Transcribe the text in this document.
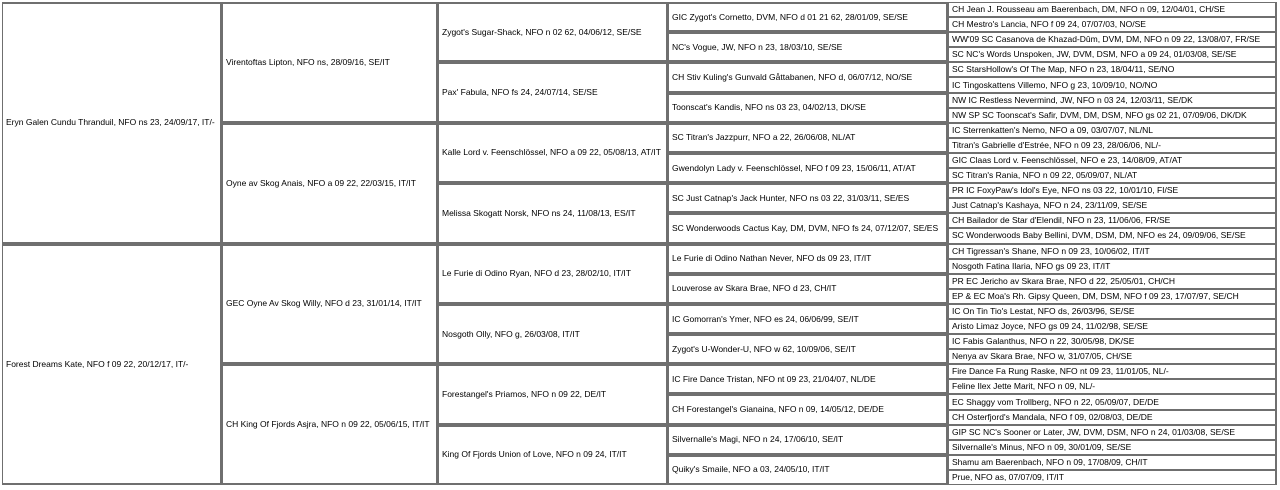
Eryn Galen Cundu Thranduil, NFO ns 23, 24/09/17, IT/-	Virentoftas Lipton, NFO ns, 28/09/16, SE/IT	Zygot's Sugar-Shack, NFO n 02 62, 04/06/12, SE/SE	GIC Zygot's Cornetto, DVM, NFO d 01 21 62, 28/01/09, SE/SE	CH Jean J. Rousseau am Baerenbach, DM, NFO n 09, 12/04/01, CH/SE
				CH Mestro's Lancia, NFO f 09 24, 07/07/03, NO/SE
			NC's Vogue, JW, NFO n 23, 18/03/10, SE/SE	WW'09 SC Casanova de Khazad-Dûm, DVM, DM, NFO n 09 22, 13/08/07, FR/SE
				SC NC's Words Unspoken, JW, DVM, DSM, NFO a 09 24, 01/03/08, SE/SE
		Pax' Fabula, NFO fs 24, 24/07/14, SE/SE	CH Stiv Kuling's Gunvald Gåttabanen, NFO d, 06/07/12, NO/SE	SC StarsHollow's Of The Map, NFO n 23, 18/04/11, SE/NO
				IC Tingoskattens Villemo, NFO g 23, 10/09/10, NO/NO
			Toonscat's Kandis, NFO ns 03 23, 04/02/13, DK/SE	NW IC Restless Nevermind, JW, NFO n 03 24, 12/03/11, SE/DK
				NW SP SC Toonscat's Safir, DVM, DM, DSM, NFO gs 02 21, 07/09/06, DK/DK
	Oyne av Skog Anais, NFO a 09 22, 22/03/15, IT/IT	Kalle Lord v. Feenschlössel, NFO a 09 22, 05/08/13, AT/IT	SC Titran's Jazzpurr, NFO a 22, 26/06/08, NL/AT	IC Sterrenkatten's Nemo, NFO a 09, 03/07/07, NL/NL
				Titran's Gabrielle d'Estrée, NFO n 09 23, 28/06/06, NL/-
			Gwendolyn Lady v. Feenschlössel, NFO f 09 23, 15/06/11, AT/AT	GIC Claas Lord v. Feenschlössel, NFO e 23, 14/08/09, AT/AT
				SC Titran's Rania, NFO n 09 22, 05/09/07, NL/AT
		Melissa Skogatt Norsk, NFO ns 24, 11/08/13, ES/IT	SC Just Catnap's Jack Hunter, NFO ns 03 22, 31/03/11, SE/ES	PR IC FoxyPaw's Idol's Eye, NFO ns 03 22, 10/01/10, FI/SE
				Just Catnap's Kashaya, NFO n 24, 23/11/09, SE/SE
			SC Wonderwoods Cactus Kay, DM, DVM, NFO fs 24, 07/12/07, SE/ES	CH Bailador de Star d'Elendil, NFO n 23, 11/06/06, FR/SE
				SC Wonderwoods Baby Bellini, DVM, DSM, DM, NFO es 24, 09/09/06, SE/SE
Forest Dreams Kate, NFO f 09 22, 20/12/17, IT/-	GEC Oyne Av Skog Willy, NFO d 23, 31/01/14, IT/IT	Le Furie di Odino Ryan, NFO d 23, 28/02/10, IT/IT	Le Furie di Odino Nathan Never, NFO ds 09 23, IT/IT	CH Tigressan's Shane, NFO n 09 23, 10/06/02, IT/IT
				Nosgoth Fatina Ilaria, NFO gs 09 23, IT/IT
			Louverose av Skara Brae, NFO d 23, CH/IT	PR EC Jericho av Skara Brae, NFO d 22, 25/05/01, CH/CH
				EP & EC Moa's Rh. Gipsy Queen, DM, DSM, NFO f 09 23, 17/07/97, SE/CH
		Nosgoth Olly, NFO g, 26/03/08, IT/IT	IC Gomorran's Ymer, NFO es 24, 06/06/99, SE/IT	IC On Tin Tio's Lestat, NFO ds, 26/03/96, SE/SE
				Aristo Limaz Joyce, NFO gs 09 24, 11/02/98, SE/SE
			Zygot's U-Wonder-U, NFO w 62, 10/09/06, SE/IT	IC Fabis Galanthus, NFO n 22, 30/05/98, DK/SE
				Nenya av Skara Brae, NFO w, 31/07/05, CH/SE
	CH King Of Fjords Asjra, NFO n 09 22, 05/06/15, IT/IT	Forestangel's Priamos, NFO n 09 22, DE/IT	IC Fire Dance Tristan, NFO nt 09 23, 21/04/07, NL/DE	Fire Dance Fa Rung Raske, NFO nt 09 23, 11/01/05, NL/-
				Feline Ilex Jette Marit, NFO n 09, NL/-
			CH Forestangel's Gianaina, NFO n 09, 14/05/12, DE/DE	EC Shaggy vom Trollberg, NFO n 22, 05/09/07, DE/DE
				CH Osterfjord's Mandala, NFO f 09, 02/08/03, DE/DE
		King Of Fjords Union of Love, NFO n 09 24, IT/IT	Silvernalle's Magi, NFO n 24, 17/06/10, SE/IT	GIP SC NC's Sooner or Later, JW, DVM, DSM, NFO n 24, 01/03/08, SE/SE
				Silvernalle's Minus, NFO n 09, 30/01/09, SE/SE
			Quiky's Smaile, NFO a 03, 24/05/10, IT/IT	Shamu am Baerenbach, NFO n 09, 17/08/09, CH/IT
				Prue, NFO as, 07/07/09, IT/IT
